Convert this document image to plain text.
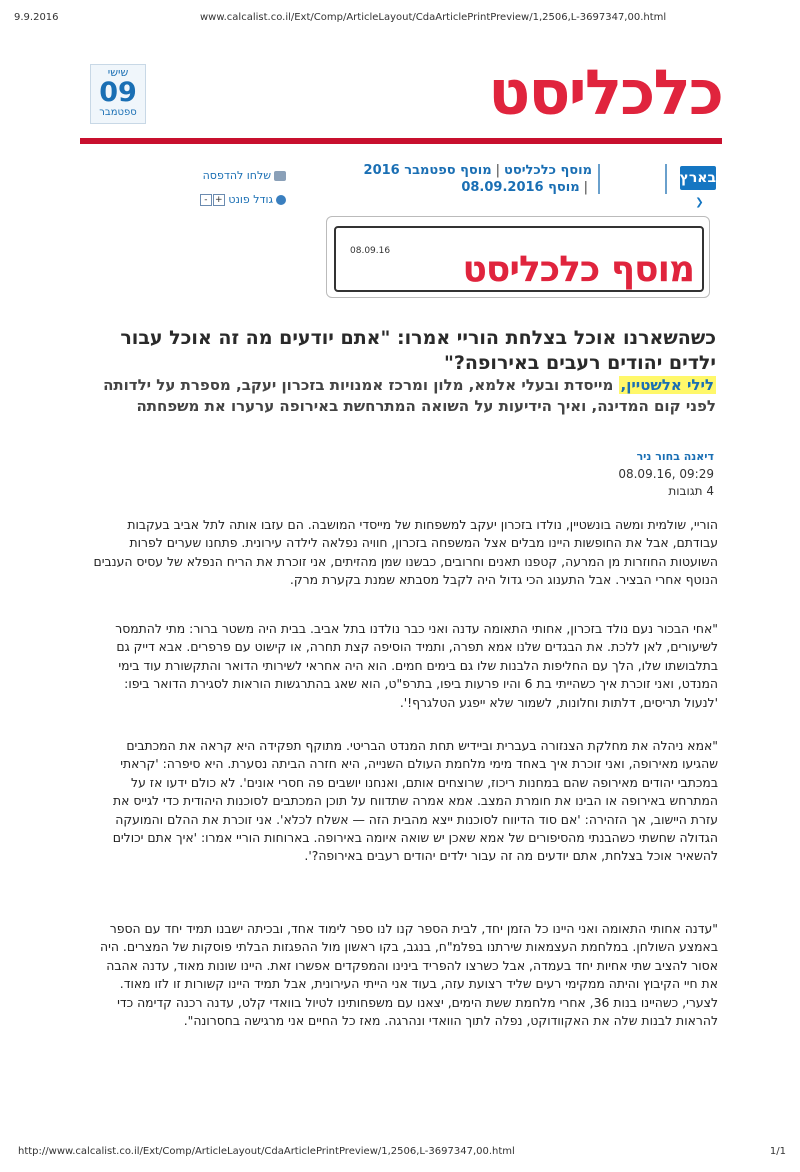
9.9.2016	www.calcalist.co.il/Ext/Comp/ArticleLayout/CdaArticlePrintPreview/1,2506,L-3697347,00.html
http://www.calcalist.co.il/Ext/Comp/ArticleLayout/CdaArticlePrintPreview/1,2506,L-3697347,00.html	1/1
שישי
09
ספטמבר	כלכליסט
בארץ ❮
מוסף כלכליסט|מוסף ספטמבר 2016
|מוסף 08.09.2016
שלחו להדפסה
גודל פונט +-
08.09.16 מוסף כלכליסט
כשהשארנו אוכל בצלחת הוריי אמרו: "אתם יודעים מה זה אוכל עבור ילדים יהודים רעבים באירופה?"
לילי אלשטיין, מייסדת ובעלי אלמא, מלון ומרכז אמנויות בזכרון יעקב, מספרת על ילדותה לפני קום המדינה, ואיך הידיעות על השואה המתרחשת באירופה ערערו את משפחתה
דיאנה בחור ניר
08.09.16, 09:29
4 תגובות
הוריי, שולמית ומשה בונשטיין, נולדו בזכרון יעקב למשפחות של מייסדי המושבה. הם עזבו אותה לתל אביב בעקבות עבודתם, אבל את החופשות היינו מבלים אצל המשפחה בזכרון, חוויה נפלאה לילדה עירונית. פתחנו שערים לפרות השועטות החוזרות מן המרעה, קטפנו תאנים וחרובים, כבשנו שמן מהזיתים, אני זוכרת את הריח הנפלא של עסיס הענבים הנוטף אחרי הבציר. אבל התענוג הכי גדול היה לקבל מסבתא שמנת בקערת מרק.
"אחי הבכור נעם נולד בזכרון, אחותי התאומה עדנה ואני כבר נולדנו בתל אביב. בבית היה משטר ברור: מתי להתמסר לשיעורים, לאן ללכת. את הבגדים שלנו אמא תפרה, ותמיד הוסיפה קצת תחרה, או קישוט עם פרפרים. אבא דייק גם בתלבושתו שלו, הלך עם החליפות הלבנות שלו גם בימים חמים. הוא היה אחראי לשירותי הדואר והתקשורת עוד בימי המנדט, ואני זוכרת איך כשהייתי בת 6 והיו פרעות ביפו, בתרפ"ט, הוא שאג בהתרגשות הוראות לסגירת הדואר ביפו: 'לנעול תריסים, דלתות וחלונות, לשמור שלא ייפגע הטלגרף!'.
"אמא ניהלה את מחלקת הצנזורה בעברית וביידיש תחת המנדט הבריטי. מתוקף תפקידה היא קראה את המכתבים שהגיעו מאירופה, ואני זוכרת איך באחד מימי מלחמת העולם השנייה, היא חזרה הביתה נסערת. היא סיפרה: 'קראתי במכתבי יהודים מאירופה שהם במחנות ריכוז, שרוצחים אותם, ואנחנו יושבים פה חסרי אונים'. לא כולם ידעו אז על המתרחש באירופה או הבינו את חומרת המצב. אמא אמרה שתדווח על תוכן המכתבים לסוכנות היהודית כדי לגייס את עזרת היישוב, אך הזהירה: 'אם סוד הדיווח לסוכנות ייצא מהבית הזה — אשלח לכלא'. אני זוכרת את ההלם והמועקה הגדולה שחשתי כשהבנתי מהסיפורים של אמא שאכן יש שואה איומה באירופה. בארוחות הוריי אמרו: 'איך אתם יכולים להשאיר אוכל בצלחת, אתם יודעים מה זה עבור ילדים יהודים רעבים באירופה?'.
"עדנה אחותי התאומה ואני היינו כל הזמן יחד, לבית הספר קנו לנו ספר לימוד אחד, ובכיתה ישבנו תמיד יחד עם הספר באמצע השולחן. במלחמת העצמאות שירתנו בפלמ"ח, בנגב, בקו ראשון מול ההפגזות הבלתי פוסקות של המצרים. היה אסור להציב שתי אחיות יחד בעמדה, אבל כשרצו להפריד בינינו והמפקדים אפשרו זאת. היינו שונות מאוד, עדנה אהבה את חיי הקיבוץ והיתה ממקימי רעים שליד רצועת עזה, בעוד אני הייתי העירונית, אבל תמיד היינו קשורות זו לזו מאוד. לצערי, כשהיינו בנות 36, אחרי מלחמת ששת הימים, יצאנו עם משפחותינו לטיול בוואדי קלט, עדנה רכנה קדימה כדי להראות לבנות שלה את האקוודוקט, נפלה לתוך הוואדי ונהרגה. מאז כל החיים אני מרגישה בחסרונה".
